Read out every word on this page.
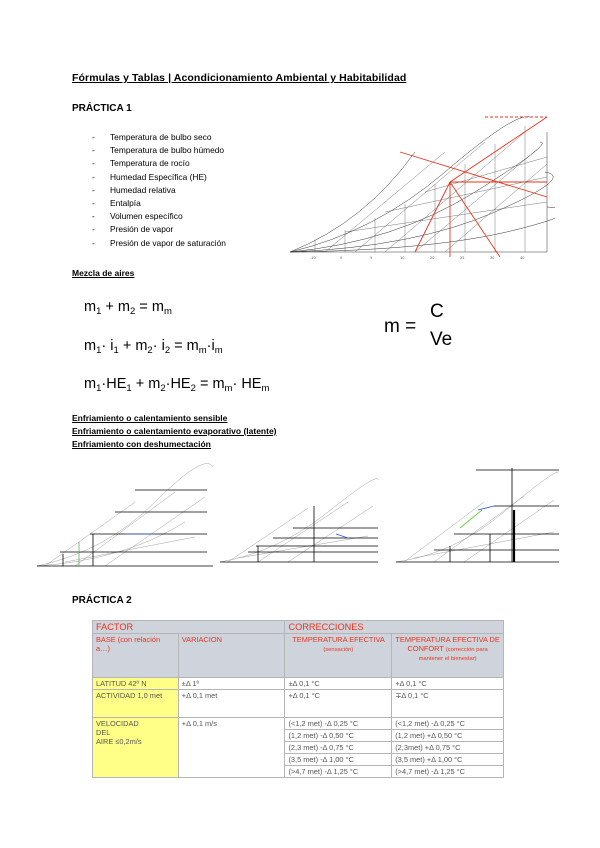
Fórmulas y Tablas | Acondicionamiento Ambiental y Habitabilidad
PRÁCTICA 1
- Temperatura de bulbo seco
- Temperatura de bulbo húmedo
- Temperatura de rocío
- Humedad Específica (HE)
- Humedad relativa
- Entalpía
- Volumen específico
- Presión de vapor
- Presión de vapor de saturación
-10	0	5	10	20	25	30	40
Mezcla de aires
$m_1 + m_2 = m_m$
$m_1\cdot i_1 + m_2\cdot i_2 = m_m\cdot i_m$
$m_1\cdot HE_1 + m_2\cdot HE_2 = m_m\cdot HE_m$
m =
C
Ve
Enfriamiento o calentamiento sensible
Enfriamiento o calentamiento evaporativo (latente)
Enfriamiento con deshumectación
PRÁCTICA 2
FACTOR		CORRECCIONES	
BASE (con relación a…)	VARIACION	TEMPERATURA EFECTIVA (sensación)	TEMPERATURA EFECTIVA DE CONFORT (corrección para mantener el bienestar)
LATITUD 42º N	±Δ 1º	±Δ 0,1 °C	+Δ 0,1 °C
ACTIVIDAD 1,0 met	+Δ 0,1 met	+Δ 0,1 °C	∓Δ 0,1 °C

VELOCIDAD
DEL
AIRE ≤0,2m/s	+Δ 0,1 m/s	(<1,2 met) -Δ 0,25 °C	(<1,2 met) -Δ 0,25 °C
		(1,2 met) -Δ 0,50 °C	(1,2 met) +Δ 0,50 °C
		(2,3 met) -Δ 0,75 °C	(2,3met) +Δ 0,75 °C
		(3,5 met) -Δ 1,00 °C	(3,5 met) +Δ 1,00 °C
		(>4,7 met) -Δ 1,25 °C	(>4,7 met) -Δ 1,25 °C
